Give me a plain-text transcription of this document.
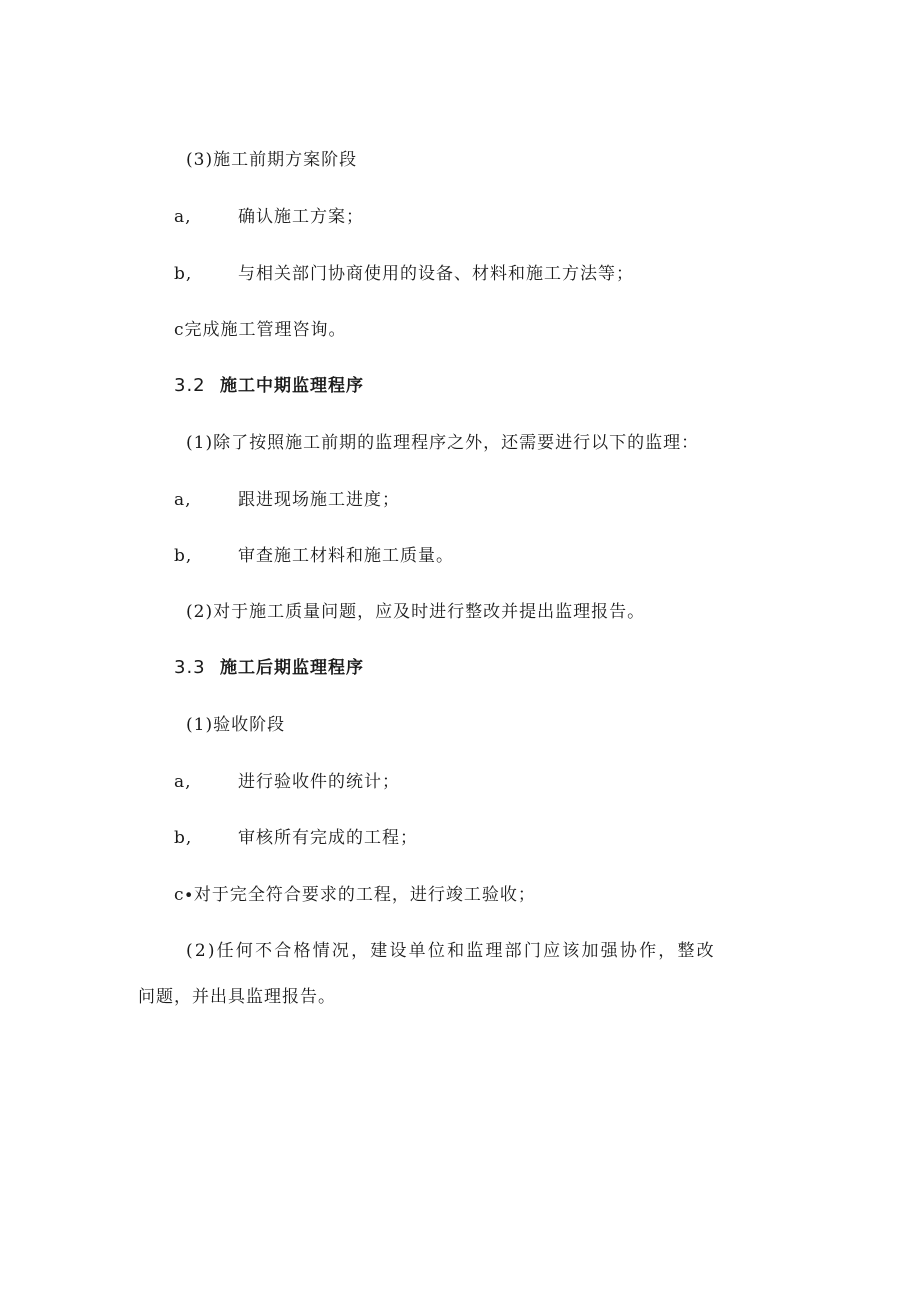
(3)施工前期方案阶段
a,	确认施工方案；
b,	与相关部门协商使用的设备、材料和施工方法等；
c完成施工管理咨询。
3.2 施工中期监理程序
(1)除了按照施工前期的监理程序之外，还需要进行以下的监理：
a,	跟进现场施工进度；
b,	审查施工材料和施工质量。
(2)对于施工质量问题，应及时进行整改并提出监理报告。
3.3 施工后期监理程序
(1)验收阶段
a,	进行验收件的统计；
b,	审核所有完成的工程；
c∙对于完全符合要求的工程，进行竣工验收；
(2)任何不合格情况，建设单位和监理部门应该加强协作，整改
问题，并出具监理报告。
